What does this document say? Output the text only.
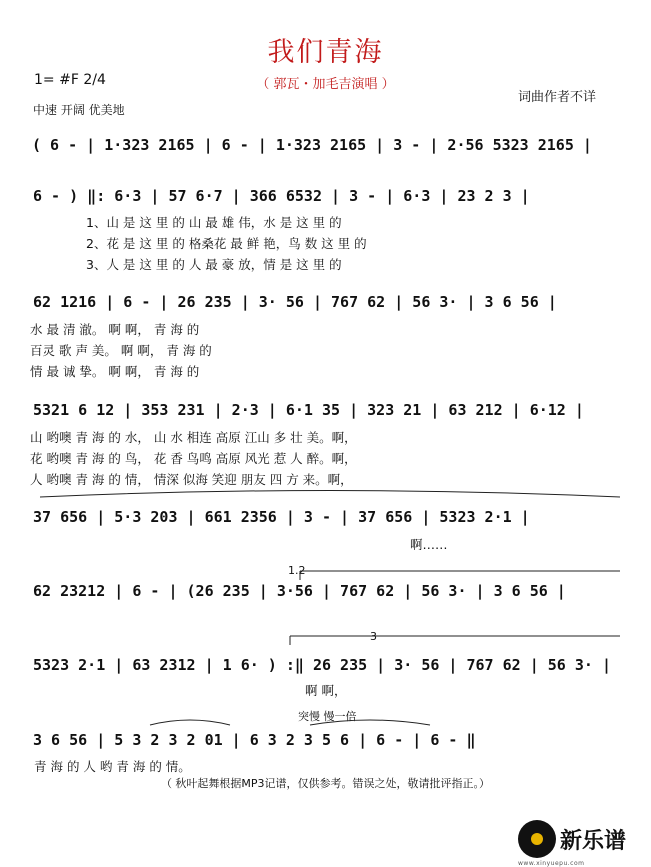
我们青海
（ 郭瓦・加毛吉演唱 ）
1= #F 2/4
中速 开阔 优美地
词曲作者不详
( 6 - | 1·323 2165 | 6 - | 1·323 2165 | 3 - | 2·56 5323 2165 |
6 - ) ‖: 6·3 | 57 6·7 | 366 6532 | 3 - | 6·3 | 23 2 3 |
1、山 是 这 里 的 山 最 雄 伟，水 是 这 里 的
2、花 是 这 里 的 格桑花 最 鲜 艳，鸟 数 这 里 的
3、人 是 这 里 的 人 最 豪 放，情 是 这 里 的
62 1216 | 6 - | 26 235 | 3· 56 | 767 62 | 56 3· | 3 6 56 |
水 最 清 澈。 啊 啊， 青 海 的
百灵 歌 声 美。 啊 啊， 青 海 的
情 最 诚 挚。 啊 啊， 青 海 的
5321 6 12 | 353 231 | 2·3 | 6·1 35 | 323 21 | 63 212 | 6·12 |
山 哟噢 青 海 的 水， 山 水 相连 高原 江山 多 壮 美。啊，
花 哟噢 青 海 的 鸟， 花 香 鸟鸣 高原 风光 惹 人 醉。啊，
人 哟噢 青 海 的 情， 情深 似海 笑迎 朋友 四 方 来。啊，
37 656 | 5·3 203 | 661 2356 | 3 - | 37 656 | 5323 2·1 |
啊……
1.2
62 23212 | 6 - | (26 235 | 3·56 | 767 62 | 56 3· | 3 6 56 |
3
5323 2·1 | 63 2312 | 1 6· ) :‖ 26 235 | 3· 56 | 767 62 | 56 3· |
啊 啊，
突慢 慢一倍
3 6 56 | 5 3 2 3 2 01 | 6 3 2 3 5 6 | 6 - | 6 - ‖
青 海 的 人 哟 青 海 的 情。
（ 秋叶起舞根据MP3记谱，仅供参考。错误之处，敬请批评指正。）
新乐谱
www.xinyuepu.com
